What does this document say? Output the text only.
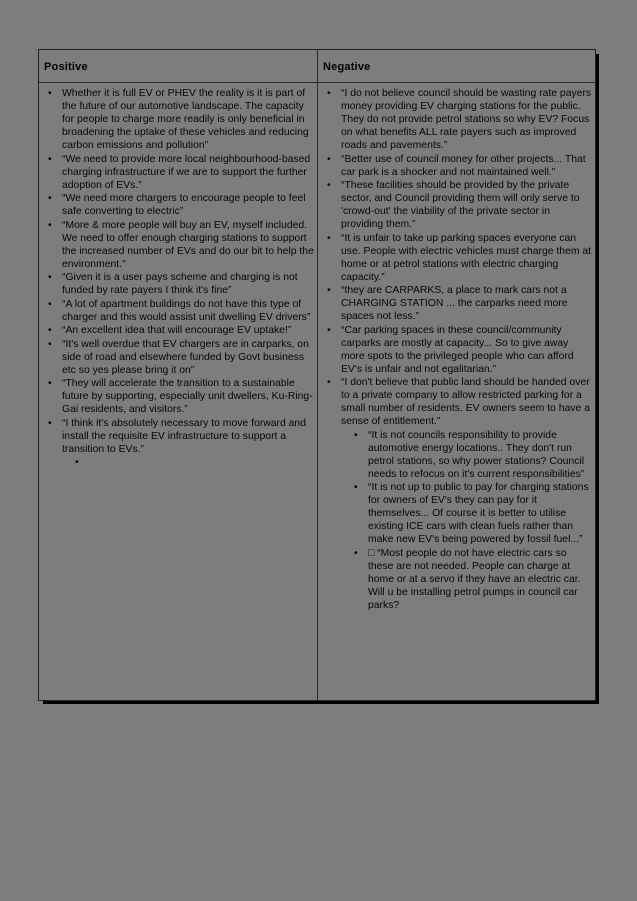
Positive
• Whether it is full EV or PHEV the reality is it is part of the future of our automotive landscape. The capacity for people to charge more readily is only beneficial in broadening the uptake of these vehicles and reducing carbon emissions and pollution”
• “We need to provide more local neighbourhood-based charging infrastructure if we are to support the further adoption of EVs.”
• “We need more chargers to encourage people to feel safe converting to electric”
• “More & more people will buy an EV, myself included. We need to offer enough charging stations to support the increased number of EVs and do our bit to help the environment.”
• “Given it is a user pays scheme and charging is not funded by rate payers I think it's fine”
• “A lot of apartment buildings do not have this type of charger and this would assist unit dwelling EV drivers”
• “An excellent idea that will encourage EV uptake!”
• “It's well overdue that EV chargers are in carparks, on side of road and elsewhere funded by Govt business etc so yes please bring it on”
• “They will accelerate the transition to a sustainable future by supporting, especially unit dwellers, Ku-Ring-Gai residents, and visitors.”
• “I think it's absolutely necessary to move forward and install the requisite EV infrastructure to support a transition to EVs.”
•
Negative
• “I do not believe council should be wasting rate payers money providing EV charging stations for the public. They do not provide petrol stations so why EV? Focus on what benefits ALL rate payers such as improved roads and pavements.”
• “Better use of council money for other projects... That car park is a shocker and not maintained well.”
• “These facilities should be provided by the private sector, and Council providing them will only serve to 'crowd-out' the viability of the private sector in providing them.”
• “It is unfair to take up parking spaces everyone can use. People with electric vehicles must charge them at home or at petrol stations with electric charging capacity.”
• “they are CARPARKS, a place to mark cars not a CHARGING STATION ... the carparks need more spaces not less.”
• “Car parking spaces in these council/community carparks are mostly at capacity... So to give away more spots to the privileged people who can afford EV's is unfair and not egalitarian.”
• “I don't believe that public land should be handed over to a private company to allow restricted parking for a small number of residents. EV owners seem to have a sense of entitlement.”
• “It is not councils responsibility to provide automotive energy locations.. They don't run petrol stations, so why power stations? Council needs to refocus on it's current responsibilities”
• “It is not up to public to pay for charging stations for owners of EV's they can pay for it themselves... Of course it is better to utilise existing ICE cars with clean fuels rather than make new EV's being powered by fossil fuel...”
• □ “Most people do not have electric cars so these are not needed. People can charge at home or at a servo if they have an electric car. Will u be installing petrol pumps in council car parks?
